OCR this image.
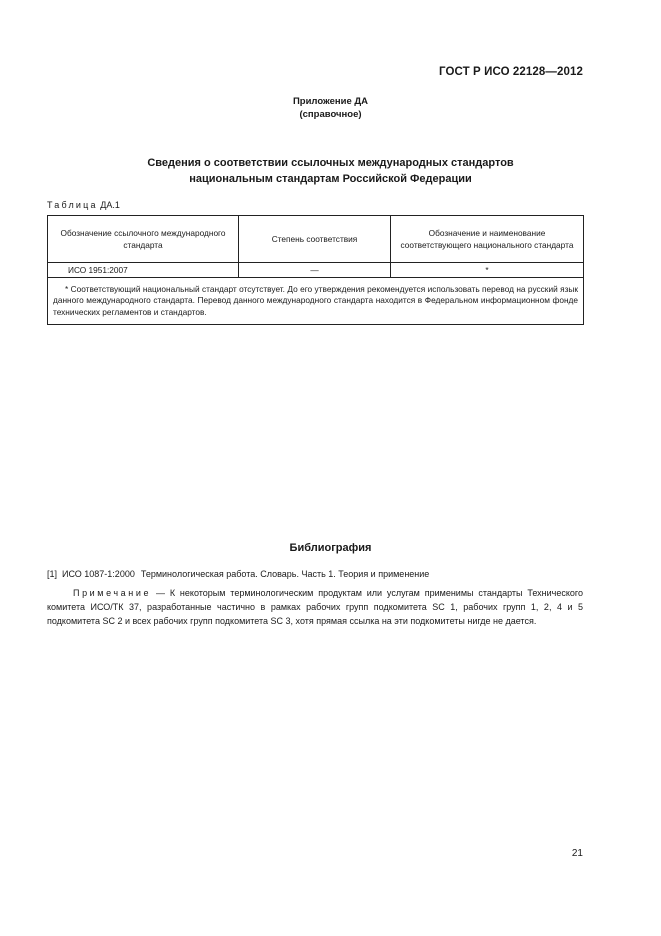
ГОСТ Р ИСО 22128—2012
Приложение ДА
(справочное)
Сведения о соответствии ссылочных международных стандартов
национальным стандартам Российской Федерации
Таблица ДА.1
Обозначение ссылочного международного стандарта	Степень соответствия	Обозначение и наименование соответствующего национального стандарта
ИСО 1951:2007	—	*
* Соответствующий национальный стандарт отсутствует. До его утверждения рекомендуется использовать перевод на русский язык данного международного стандарта. Перевод данного международного стандарта находится в Федеральном информационном фонде технических регламентов и стандартов.		
Библиография
[1] ИСО 1087-1:2000 Терминологическая работа. Словарь. Часть 1. Теория и применение
Примечание — К некоторым терминологическим продуктам или услугам применимы стандарты Технического комитета ИСО/ТК 37, разработанные частично в рамках рабочих групп подкомитета SC 1, рабочих групп 1, 2, 4 и 5 подкомитета SC 2 и всех рабочих групп подкомитета SC 3, хотя прямая ссылка на эти подкомитеты нигде не дается.
21
